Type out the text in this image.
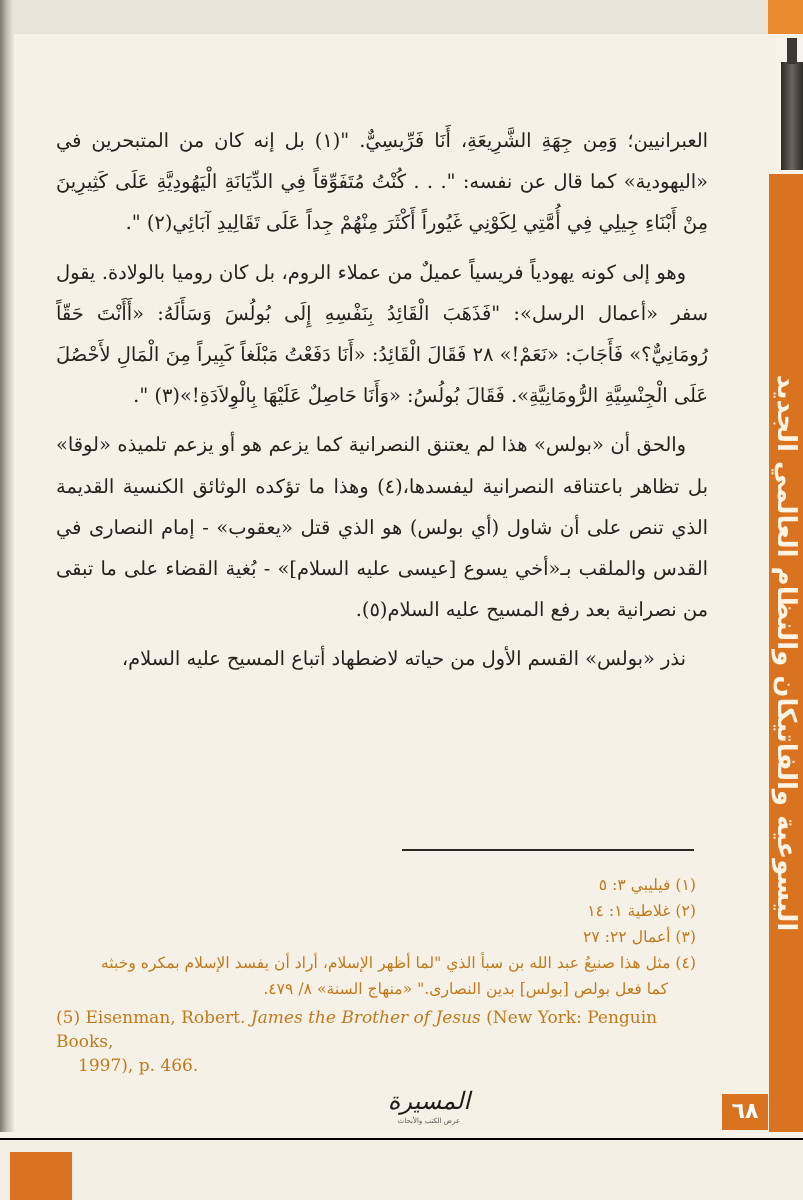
اليسوعية والفاتيكان والنظام العالمي الجديد

العبرانيين؛ وَمِن جِهَةِ الشَّرِيعَةِ، أَنَا فَرِّيسِيٌّ. "(١) بل إنه كان من المتبحرين في «اليهودية» كما قال عن نفسه: ". . . كُنْتُ مُتَفَوِّقاً فِي الدِّيَانَةِ الْيَهُودِيَّةِ عَلَى كَثِيرِينَ مِنْ أَبْنَاءِ جِيلِي فِي أُمَّتِي لِكَوْنِي غَيُوراً أَكْثَرَ مِنْهُمْ جِداً عَلَى تَقَالِيدِ آبَائِي(٢) ".

وهو إلى كونه يهودياً فريسياً عميلٌ من عملاء الروم، بل كان روميا بالولادة. يقول سفر «أعمال الرسل»: "فَذَهَبَ الْقَائِدُ بِنَفْسِهِ إِلَى بُولُسَ وَسَأَلَهُ: «أَأَنْتَ حَقّاً رُومَانِيٌّ؟» فَأَجَابَ: «نَعَمْ!» ٢٨ فَقَالَ الْقَائِدُ: «أَنَا دَفَعْتُ مَبْلَغاً كَبِيراً مِنَ الْمَالِ لأَحْصُلَ عَلَى الْجِنْسِيَّةِ الرُّومَانِيَّةِ». فَقَالَ بُولُسُ: «وَأَنَا حَاصِلٌ عَلَيْهَا بِالْوِلاَدَةِ!»(٣) ".

والحق أن «بولس» هذا لم يعتنق النصرانية كما يزعم هو أو يزعم تلميذه «لوقا» بل تظاهر باعتناقه النصرانية ليفسدها،(٤) وهذا ما تؤكده الوثائق الكنسية القديمة الذي تنص على أن شاول (أي بولس) هو الذي قتل «يعقوب» - إمام النصارى في القدس والملقب بـ«أخي يسوع [عيسى عليه السلام]» - بُغية القضاء على ما تبقى من نصرانية بعد رفع المسيح عليه السلام(٥).

نذر «بولس» القسم الأول من حياته لاضطهاد أتباع المسيح عليه السلام،

(١) فيليبي ٣: ٥
(٢) غلاطية ١: ١٤
(٣) أعمال ٢٢: ٢٧
(٤) مثل هذا صنيعُ عبد الله بن سبأ الذي "لما أظهر الإسلام، أراد أن يفسد الإسلام بمكره وخبثه
كما فعل بولص [بولس] بدين النصارى." «منهاج السنة» ٨/ ٤٧٩.
(5) Eisenman, Robert. James the Brother of Jesus (New York: Penguin Books,
1997), p. 466.
المسيرة
عرض الكتب والأبحاث	٦٨
